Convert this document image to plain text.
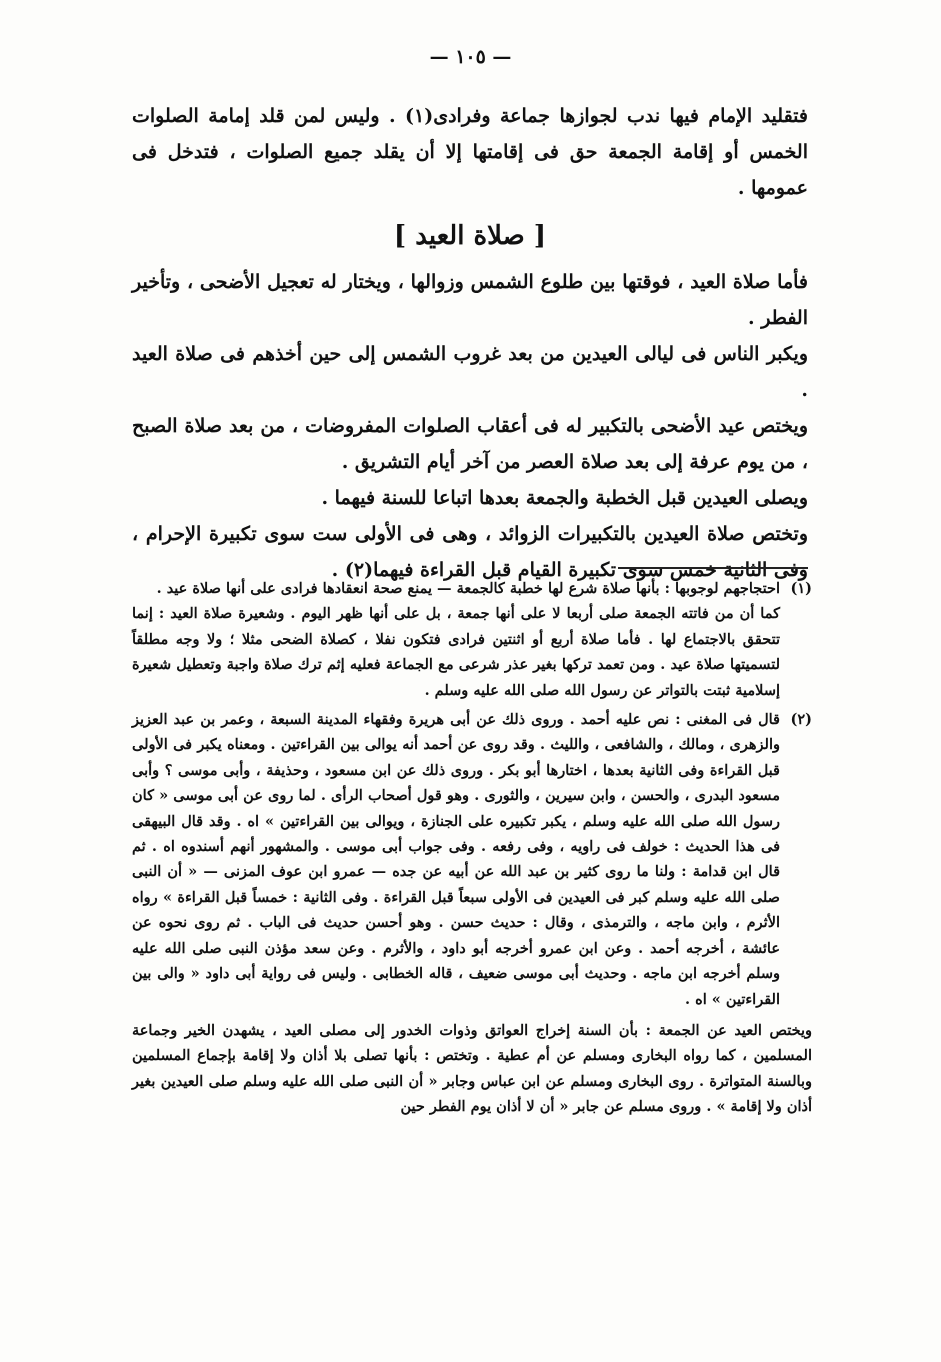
— ١٠٥ —

فتقليد الإمام فيها ندب لجوازها جماعة وفرادى(١) . وليس لمن قلد إمامة الصلوات الخمس أو إقامة الجمعة حق فى إقامتها إلا أن يقلد جميع الصلوات ، فتدخل فى عمومها .

[ صلاة العيد ]

فأما صلاة العيد ، فوقتها بين طلوع الشمس وزوالها ، ويختار له تعجيل الأضحى ، وتأخير الفطر .

ويكبر الناس فى ليالى العيدين من بعد غروب الشمس إلى حين أخذهم فى صلاة العيد .

ويختص عيد الأضحى بالتكبير له فى أعقاب الصلوات المفروضات ، من بعد صلاة الصبح ، من يوم عرفة إلى بعد صلاة العصر من آخر أيام التشريق .

ويصلى العيدين قبل الخطبة والجمعة بعدها اتباعا للسنة فيهما .

وتختص صلاة العيدين بالتكبيرات الزوائد ، وهى فى الأولى ست سوى تكبيرة الإحرام ، وفى الثانية خمس سوى تكبيرة القيام قبل القراءة فيهما(٢) .

(١)

احتجاجهم لوجوبها : بأنها صلاة شرع لها خطبة كالجمعة — يمنع صحة انعقادها فرادى على أنها صلاة عيد .

كما أن من فاتته الجمعة صلى أربعا لا على أنها جمعة ، بل على أنها ظهر اليوم . وشعيرة صلاة العيد : إنما تتحقق بالاجتماع لها . فأما صلاة أربع أو اثنتين فرادى فتكون نفلا ، كصلاة الضحى مثلا ؛ ولا وجه مطلقاً لتسميتها صلاة عيد . ومن تعمد تركها بغير عذر شرعى مع الجماعة فعليه إثم ترك صلاة واجبة وتعطيل شعيرة إسلامية ثبتت بالتواتر عن رسول الله صلى الله عليه وسلم .

(٢)

قال فى المغنى : نص عليه أحمد . وروى ذلك عن أبى هريرة وفقهاء المدينة السبعة ، وعمر بن عبد العزيز والزهرى ، ومالك ، والشافعى ، والليث . وقد روى عن أحمد أنه يوالى بين القراءتين . ومعناه يكبر فى الأولى قبل القراءة وفى الثانية بعدها ، اختارها أبو بكر . وروى ذلك عن ابن مسعود ، وحذيفة ، وأبى موسى ؟ وأبى مسعود البدرى ، والحسن ، وابن سيرين ، والثورى . وهو قول أصحاب الرأى . لما روى عن أبى موسى « كان رسول الله صلى الله عليه وسلم ، يكبر تكبيره على الجنازة ، ويوالى بين القراءتين » اه . وقد قال البيهقى فى هذا الحديث : خولف فى راويه ، وفى رفعه . وفى جواب أبى موسى . والمشهور أنهم أسندوه اه . ثم قال ابن قدامة : ولنا ما روى كثير بن عبد الله عن أبيه عن جده — عمرو ابن عوف المزنى — « أن النبى صلى الله عليه وسلم كبر فى العيدين فى الأولى سبعاً قبل القراءة . وفى الثانية : خمساً قبل القراءة » رواه الأثرم ، وابن ماجه ، والترمذى ، وقال : حديث حسن . وهو أحسن حديث فى الباب . ثم روى نحوه عن عائشة ، أخرجه أحمد . وعن ابن عمرو أخرجه أبو داود ، والأثرم . وعن سعد مؤذن النبى صلى الله عليه وسلم أخرجه ابن ماجه . وحديث أبى موسى ضعيف ، قاله الخطابى . وليس فى رواية أبى داود « والى بين القراءتين » اه .

ويختص العيد عن الجمعة : بأن السنة إخراج العواتق وذوات الخدور إلى مصلى العيد ، يشهدن الخير وجماعة المسلمين ، كما رواه البخارى ومسلم عن أم عطية . وتختص : بأنها تصلى بلا أذان ولا إقامة بإجماع المسلمين وبالسنة المتواترة . روى البخارى ومسلم عن ابن عباس وجابر « أن النبى صلى الله عليه وسلم صلى العيدين بغير أذان ولا إقامة » . وروى مسلم عن جابر « أن لا أذان يوم الفطر حين
